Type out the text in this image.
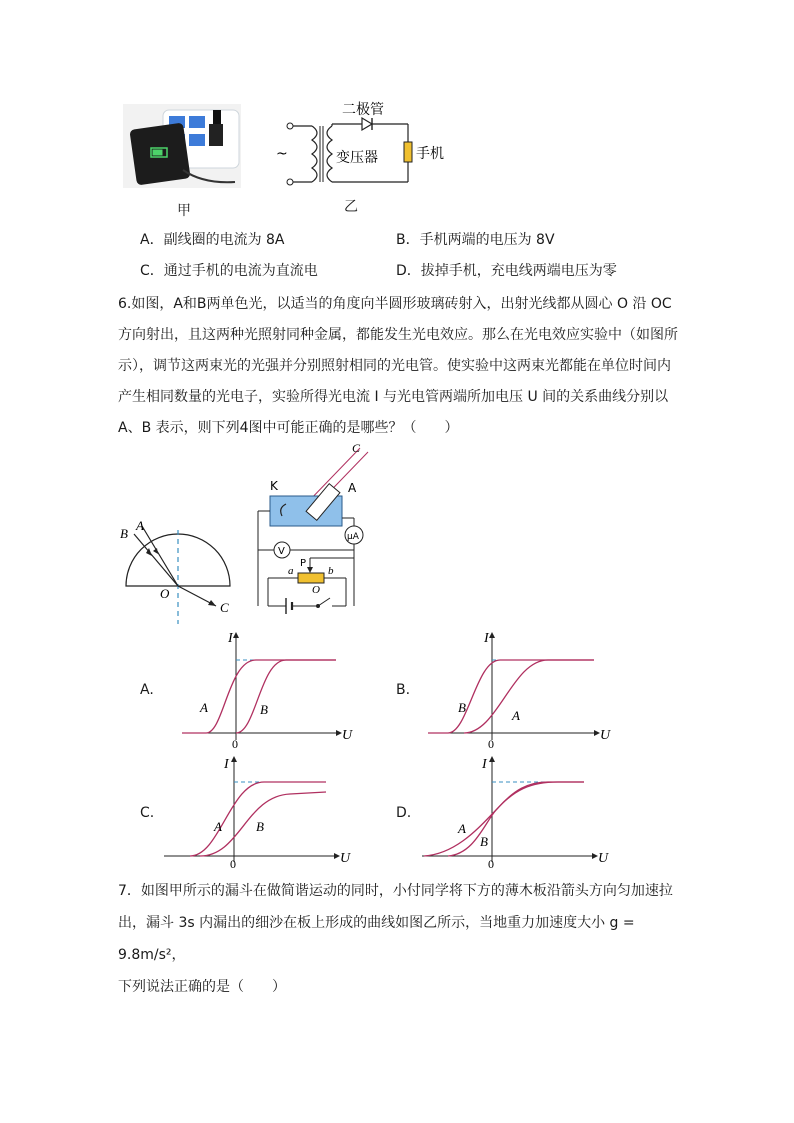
甲
二极管
~	变压器	手机
乙
A．副线圈的电流为 8A	B．手机两端的电压为 8V
C．通过手机的电流为直流电	D．拔掉手机，充电线两端电压为零
6.如图，A和B两单色光，以适当的角度向半圆形玻璃砖射入，出射光线都从圆心 O 沿 OC
方向射出，且这两种光照射同种金属，都能发生光电效应。那么在光电效应实验中（如图所
示），调节这两束光的光强并分别照射相同的光电管。使实验中这两束光都能在单位时间内
产生相同数量的光电子，实验所得光电流 I 与光电管两端所加电压 U 间的关系曲线分别以
A、B 表示，则下列4图中可能正确的是哪些？（　　）
B
A
O
C
K	A
C
V
μA
a	b
P
O
A.
I
U
0
A	B
B.
I
U
0
A
B
C.
I
U
0
A	B
D.
I
U
0
A
B
7．如图甲所示的漏斗在做简谐运动的同时，小付同学将下方的薄木板沿箭头方向匀加速拉
出，漏斗 3s 内漏出的细沙在板上形成的曲线如图乙所示，当地重力加速度大小 g = 9.8m/s²，
下列说法正确的是（　　）
